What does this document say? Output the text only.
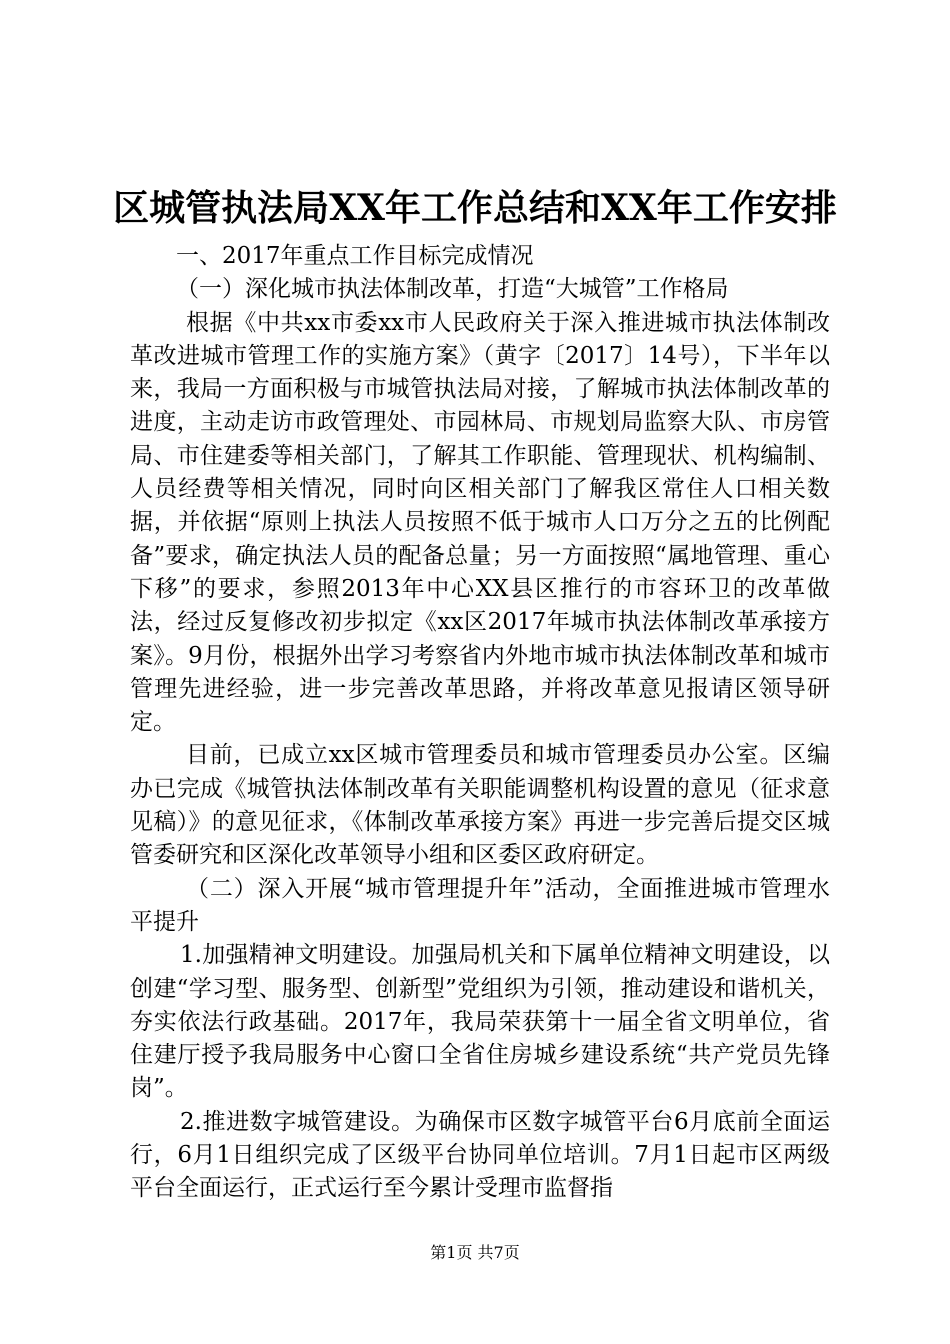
区城管执法局XX年工作总结和XX年工作安排

一、2017年重点工作目标完成情况

（一）深化城市执法体制改革，打造“大城管”工作格局

根据《中共xx市委xx市人民政府关于深入推进城市执法体制改革改进城市管理工作的实施方案》（黄字〔2017〕14号），下半年以来，我局一方面积极与市城管执法局对接，了解城市执法体制改革的进度，主动走访市政管理处、市园林局、市规划局监察大队、市房管局、市住建委等相关部门，了解其工作职能、管理现状、机构编制、人员经费等相关情况，同时向区相关部门了解我区常住人口相关数据，并依据“原则上执法人员按照不低于城市人口万分之五的比例配备”要求，确定执法人员的配备总量；另一方面按照“属地管理、重心下移”的要求，参照2013年中心XX县区推行的市容环卫的改革做法，经过反复修改初步拟定《xx区2017年城市执法体制改革承接方案》。9月份，根据外出学习考察省内外地市城市执法体制改革和城市管理先进经验，进一步完善改革思路，并将改革意见报请区领导研定。

目前，已成立xx区城市管理委员和城市管理委员办公室。区编办已完成《城管执法体制改革有关职能调整机构设置的意见（征求意见稿）》的意见征求，《体制改革承接方案》再进一步完善后提交区城管委研究和区深化改革领导小组和区委区政府研定。

（二）深入开展“城市管理提升年”活动，全面推进城市管理水平提升

1.加强精神文明建设。加强局机关和下属单位精神文明建设，以创建“学习型、服务型、创新型”党组织为引领，推动建设和谐机关，夯实依法行政基础。2017年，我局荣获第十一届全省文明单位，省住建厅授予我局服务中心窗口全省住房城乡建设系统“共产党员先锋岗”。

2.推进数字城管建设。为确保市区数字城管平台6月底前全面运行，6月1日组织完成了区级平台协同单位培训。7月1日起市区两级平台全面运行，正式运行至今累计受理市监督指

第1页 共7页
